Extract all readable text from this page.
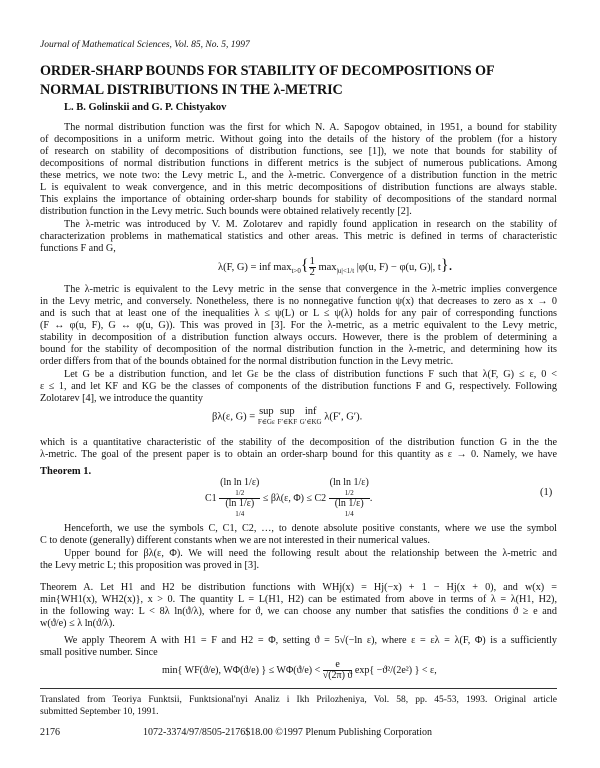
Journal of Mathematical Sciences, Vol. 85, No. 5, 1997
ORDER-SHARP BOUNDS FOR STABILITY OF DECOMPOSITIONS OF
NORMAL DISTRIBUTIONS IN THE λ-METRIC
L. B. Golinskii and G. P. Chistyakov
The normal distribution function was the first for which N. A. Sapogov obtained, in 1951, a bound for stability
of decompositions in a uniform metric. Without going into the details of the history of the problem (for a history
of research on stability of decompositions of distribution functions, see [1]), we note that bounds for stability of
decompositions of normal distribution functions in different metrics is the subject of numerous publications. Among
these metrics, we note two: the Levy metric L, and the λ-metric. Convergence of a distribution function in the metric
L is equivalent to weak convergence, and in this metric decompositions of distribution functions are always stable.
This explains the importance of obtaining order-sharp bounds for stability of decompositions of the standard normal
distribution function in the Levy metric. Such bounds were obtained relatively recently [2].
The λ-metric was introduced by V. M. Zolotarev and rapidly found application in research on the stability of
characterization problems in mathematical statistics and other areas. This metric is defined in terms of characteristic
functions F and G,
The λ-metric is equivalent to the Levy metric in the sense that convergence in the λ-metric implies convergence
in the Levy metric, and conversely. Nonetheless, there is no nonnegative function ψ(x) that decreases to zero as x → 0
and is such that at least one of the inequalities λ ≤ ψ(L) or L ≤ ψ(λ) holds for any pair of corresponding functions
(F ↔ φ(u, F), G ↔ φ(u, G)). This was proved in [3]. For the λ-metric, as a metric equivalent to the Levy metric,
stability in decomposition of a distribution function always occurs. However, there is the problem of determining a
bound for the stability of decomposition of the normal distribution function in the λ-metric, and determining how its
order differs from that of the bounds obtained for the normal distribution function in the Levy metric.
Let G be a distribution function, and let Gε be the class of distribution functions F such that λ(F, G) ≤ ε, 0 <
ε ≤ 1, and let KF and KG be the classes of components of the distribution functions F and G, respectively. Following
Zolotarev [4], we introduce the quantity
which is a quantitative characteristic of the stability of the decomposition of the distribution function G in the the
λ-metric. The goal of the present paper is to obtain an order-sharp bound for this quantity as ε → 0. Namely, we have
Henceforth, we use the symbols C, C1, C2, …, to denote absolute positive constants, where we use the symbol
C to denote (generally) different constants when we are not interested in their numerical values.
Upper bound for βλ(ε, Φ). We will need the following result about the relationship between the λ-metric and
the Levy metric L; this proposition was proved in [3].
Theorem A. Let H1 and H2 be distribution functions with WHj(x) = Hj(−x) + 1 − Hj(x + 0), and w(x) =
min{WH1(x), WH2(x)}, x > 0. The quantity L = L(H1, H2) can be estimated from above in terms of λ = λ(H1, H2),
in the following way: L < 8λ ln(ϑ/λ), where for ϑ, we can choose any number that satisfies the conditions ϑ ≥ e and
w(ϑ/e) ≤ λ ln(ϑ/λ).
We apply Theorem A with H1 = F and H2 = Φ, setting ϑ = 5√(−ln ε), where ε = ελ = λ(F, Φ) is a sufficiently
small positive number. Since
Translated from Teoriya Funktsii, Funktsional'nyi Analiz i Ikh Prilozheniya, Vol. 58, pp. 45-53, 1993. Original article
submitted September 10, 1991.
λ(F, G) = inf $\max_{t>0}\{ \frac{1}{2} \max_{|u|<1/t} |\varphi(u$, F) − φ(u, G)|, t}.
βλ(ε, G) = sup
F∈Gε

sup
F′∈KF

inf
G′∈KG λ(F′, G′).
Theorem 1.
C1 (ln ln 1/ε)
1/2
(ln 1/ε)
1/4 ≤ βλ(ε, Φ) ≤ C2 (ln ln 1/ε)
1/2
(ln 1/ε)
1/4 .
(1)
min{ WF(ϑ/e), WΦ(ϑ/e) } ≤ $W\Phi(ϑ/e) < \frac{e}{√(2\pi) ϑ} \exp\{ -ϑ^2/(2e^2)$ } < ε,
2176	1072-3374/97/8505-2176$18.00 ©1997 Plenum Publishing Corporation
